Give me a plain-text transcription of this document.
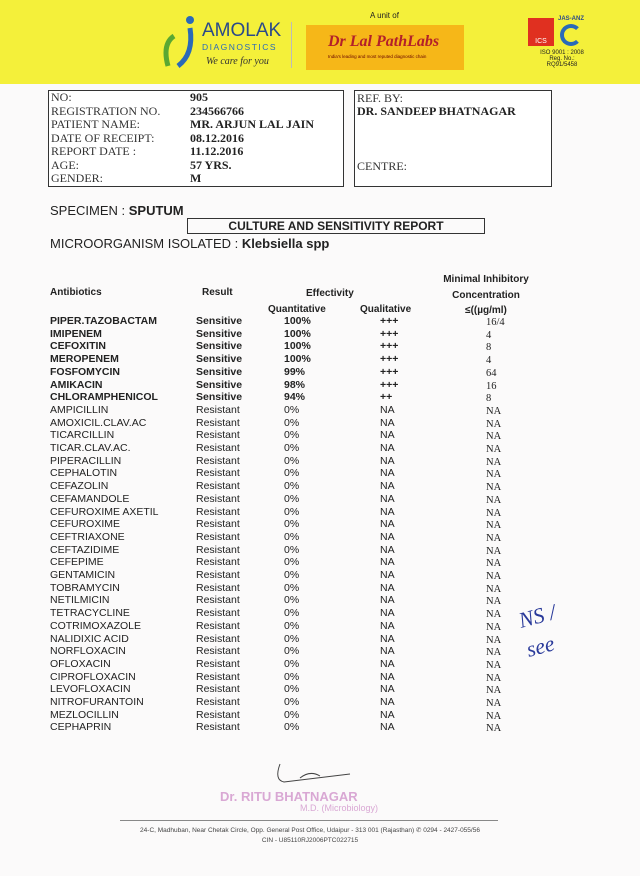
AMOLAK
DIAGNOSTICS
We care for you
A unit of
Dr Lal PathLabs
India's leading and most reputed diagnostic chain
ICS
JAS-ANZ
ISO 9001 : 2008
Reg. No.: RQ91/5458
NO:	905
REGISTRATION NO. 234566766
PATIENT NAME:	MR. ARJUN LAL JAIN
DATE OF RECEIPT:	08.12.2016
REPORT DATE :	11.12.2016
AGE:	57 YRS.
GENDER:	M
REF. BY:
DR. SANDEEP BHATNAGAR
CENTRE:
SPECIMEN : SPUTUM
CULTURE AND SENSITIVITY REPORT
MICROORGANISM ISOLATED : Klebsiella spp
Antibiotics	Result	Effectivity
Quantitative	Qualitative
Minimal Inhibitory
Concentration
≤((µg/ml)
PIPER.TAZOBACTAM	Sensitive	100%	+++	16/4
IMIPENEM	Sensitive	100%	+++	4
CEFOXITIN	Sensitive	100%	+++	8
MEROPENEM	Sensitive	100%	+++	4
FOSFOMYCIN	Sensitive	99%	+++	64
AMIKACIN	Sensitive	98%	+++	16
CHLORAMPHENICOL	Sensitive	94%	++	8
AMPICILLIN	Resistant	0%	NA	NA
AMOXICIL.CLAV.AC	Resistant	0%	NA	NA
TICARCILLIN	Resistant	0%	NA	NA
TICAR.CLAV.AC.	Resistant	0%	NA	NA
PIPERACILLIN	Resistant	0%	NA	NA
CEPHALOTIN	Resistant	0%	NA	NA
CEFAZOLIN	Resistant	0%	NA	NA
CEFAMANDOLE	Resistant	0%	NA	NA
CEFUROXIME AXETIL	Resistant	0%	NA	NA
CEFUROXIME	Resistant	0%	NA	NA
CEFTRIAXONE	Resistant	0%	NA	NA
CEFTAZIDIME	Resistant	0%	NA	NA
CEFEPIME	Resistant	0%	NA	NA
GENTAMICIN	Resistant	0%	NA	NA
TOBRAMYCIN	Resistant	0%	NA	NA
NETILMICIN	Resistant	0%	NA	NA
TETRACYCLINE	Resistant	0%	NA	NA
COTRIMOXAZOLE	Resistant	0%	NA	NA
NALIDIXIC ACID	Resistant	0%	NA	NA
NORFLOXACIN	Resistant	0%	NA	NA
OFLOXACIN	Resistant	0%	NA	NA
CIPROFLOXACIN	Resistant	0%	NA	NA
LEVOFLOXACIN	Resistant	0%	NA	NA
NITROFURANTOIN	Resistant	0%	NA	NA
MEZLOCILLIN	Resistant	0%	NA	NA
CEPHAPRIN	Resistant	0%	NA	NA
NS / see
Dr. RITU BHATNAGAR
M.D. (Microbiology)
24-C, Madhuban, Near Chetak Circle, Opp. General Post Office, Udaipur - 313 001 (Rajasthan) ✆ 0294 - 2427-055/56
CIN - U85110RJ2006PTC022715
